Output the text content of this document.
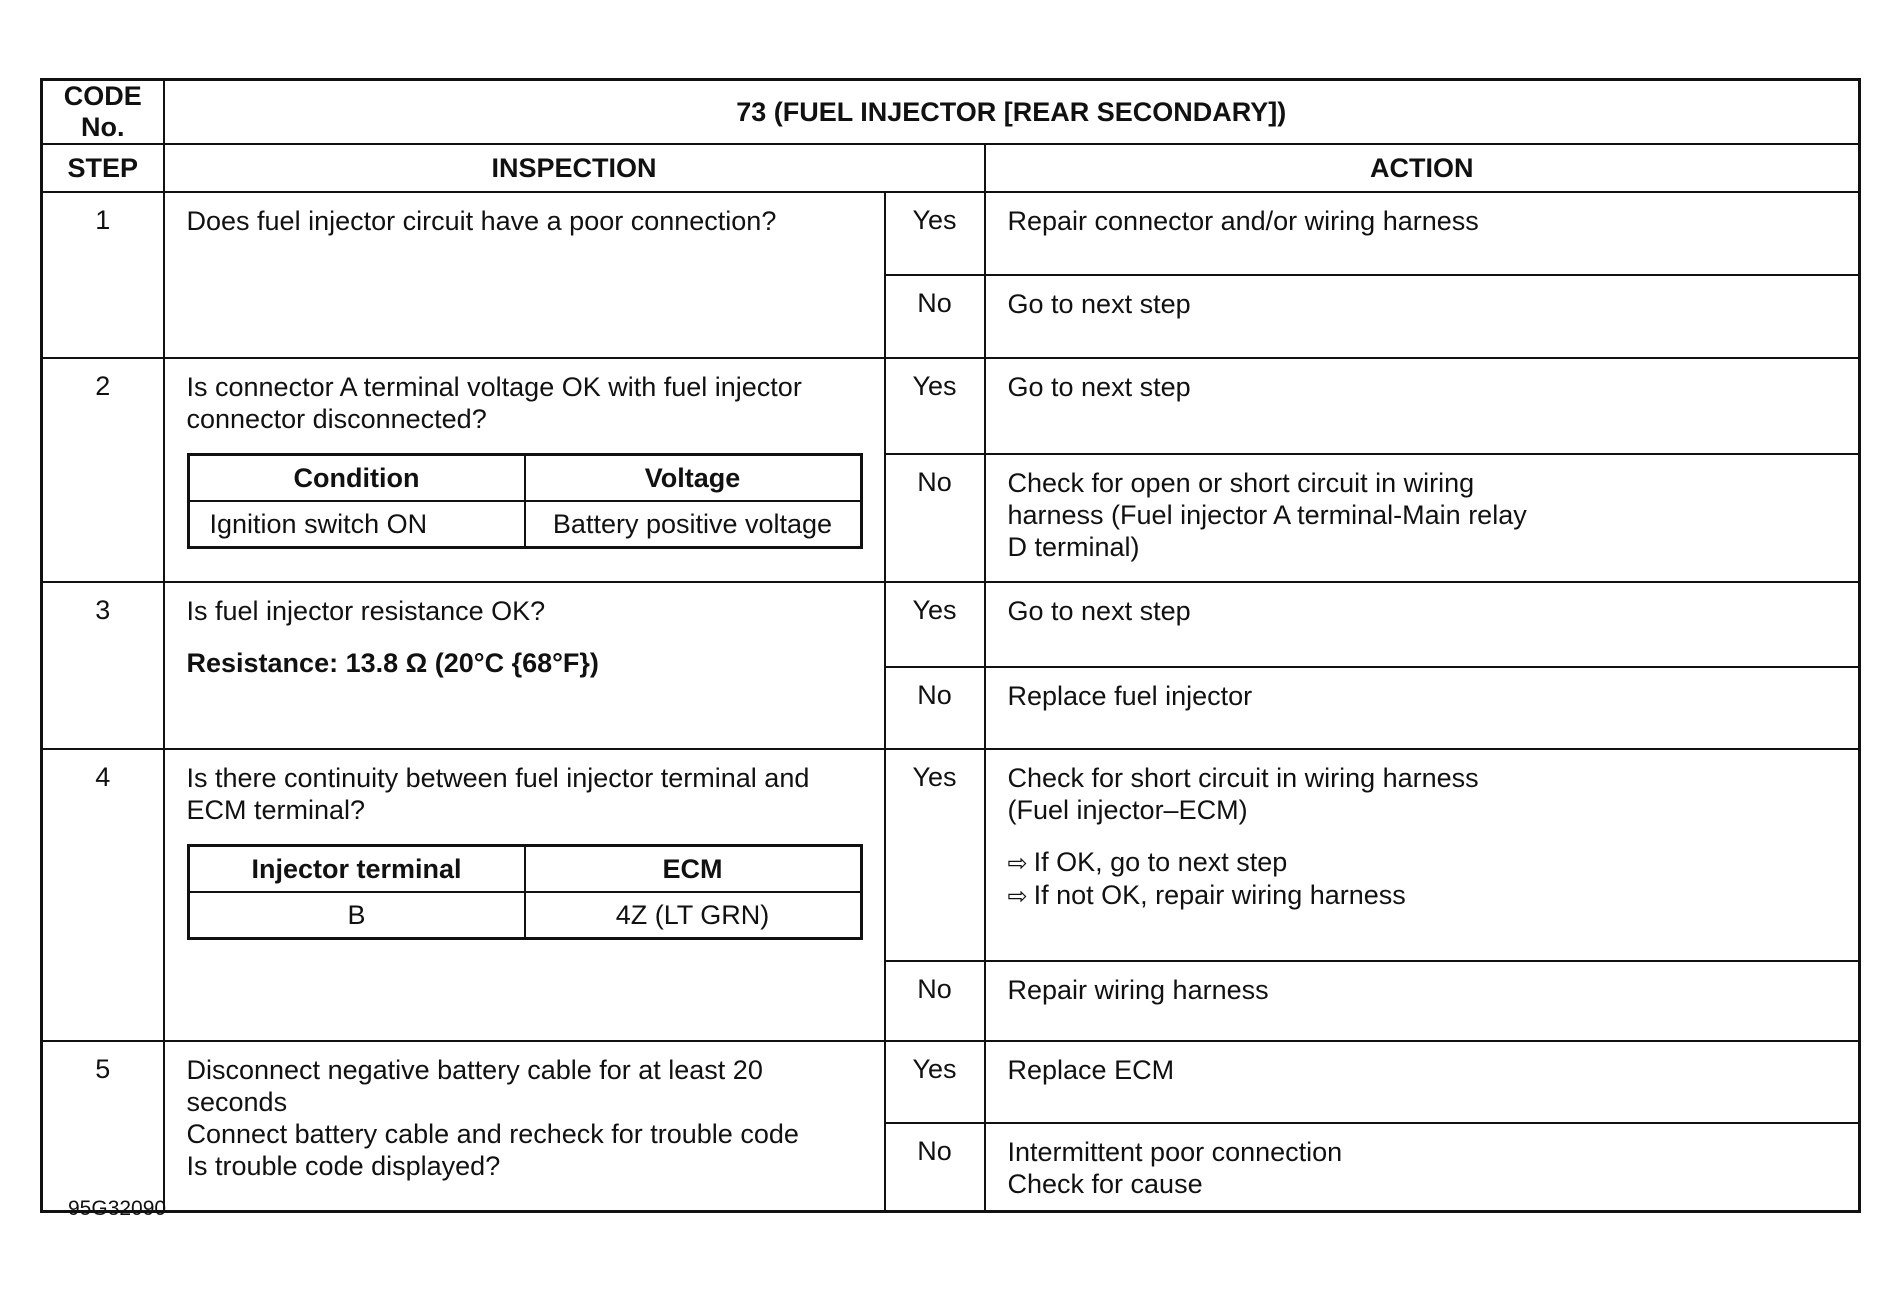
CODE No.	73 (FUEL INJECTOR [REAR SECONDARY])
STEP	INSPECTION	ACTION
1	Does fuel injector circuit have a poor connection?	Yes	Repair connector and/or wiring harness

No	Go to next step

2	Is connector A terminal voltage OK with fuel injector
connector disconnected?
Condition	Voltage
Ignition switch ON	Battery positive voltage
	Yes	Go to next step

No	Check for open or short circuit in wiring
harness (Fuel injector A terminal-Main relay
D terminal)

3	Is fuel injector resistance OK?
Resistance: 13.8 Ω (20°C {68°F})
	Yes	Go to next step

No	Replace fuel injector

4	Is there continuity between fuel injector terminal and
ECM terminal?
Injector terminal	ECM
B	4Z (LT GRN)
	Yes	Check for short circuit in wiring harness
(Fuel injector–ECM)
⇨ If OK, go to next step
⇨ If not OK, repair wiring harness

No	Repair wiring harness

5	Disconnect negative battery cable for at least 20
seconds
Connect battery cable and recheck for trouble code
Is trouble code displayed?
	Yes	Replace ECM

No	Intermittent poor connection
Check for cause
95G32090
